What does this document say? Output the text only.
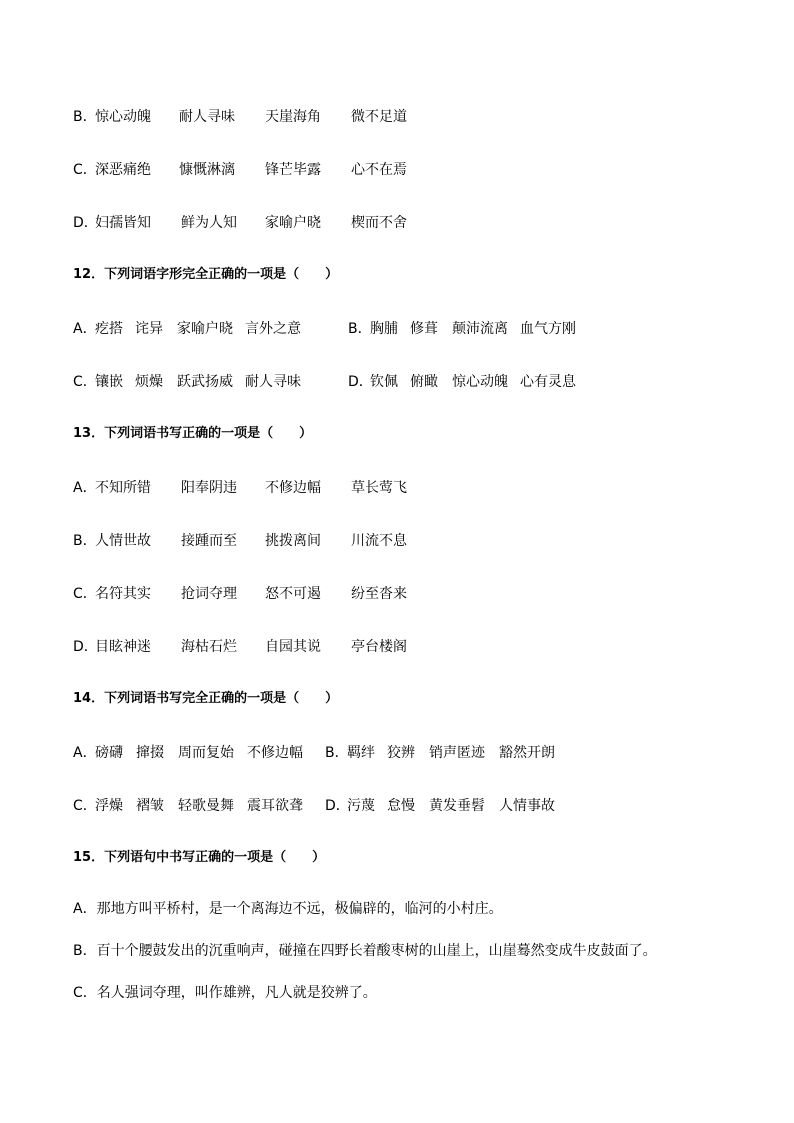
B．惊心动魄 耐人寻味 天崖海角 微不足道
C．深恶痛绝 慷慨淋漓 锋芒毕露 心不在焉
D．妇孺皆知 鲜为人知 家喻户晓 楔而不舍
12．下列词语字形完全正确的一项是（　　）
A．疙搭 诧异 家喻户晓 言外之意	B．胸脯 修葺 颠沛流离 血气方刚
C．镶嵌 烦燥 跃武扬威 耐人寻味	D．钦佩 俯瞰 惊心动魄 心有灵息
13．下列词语书写正确的一项是（　　）
A．不知所错 阳奉阴违 不修边幅 草长莺飞
B．人情世故 接踵而至 挑拨离间 川流不息
C．名符其实 抢词夺理 怒不可遏 纷至沓来
D．目眩神迷 海枯石烂 自园其说 亭台楼阁
14．下列词语书写完全正确的一项是（　　）
A．磅礴 撺掇 周而复始 不修边幅 B．羁绊 狡辨 销声匿迹 豁然开朗
C．浮燥 褶皱 轻歌曼舞 震耳欲聋 D．污蔑 怠慢 黄发垂髫 人情事故
15．下列语句中书写正确的一项是（　　）
A．那地方叫平桥村，是一个离海边不远，极偏辟的，临河的小村庄。
B．百十个腰鼓发出的沉重响声，碰撞在四野长着酸枣树的山崖上，山崖蓦然变成牛皮鼓面了。
C．名人强词夺理，叫作雄辨，凡人就是狡辨了。
